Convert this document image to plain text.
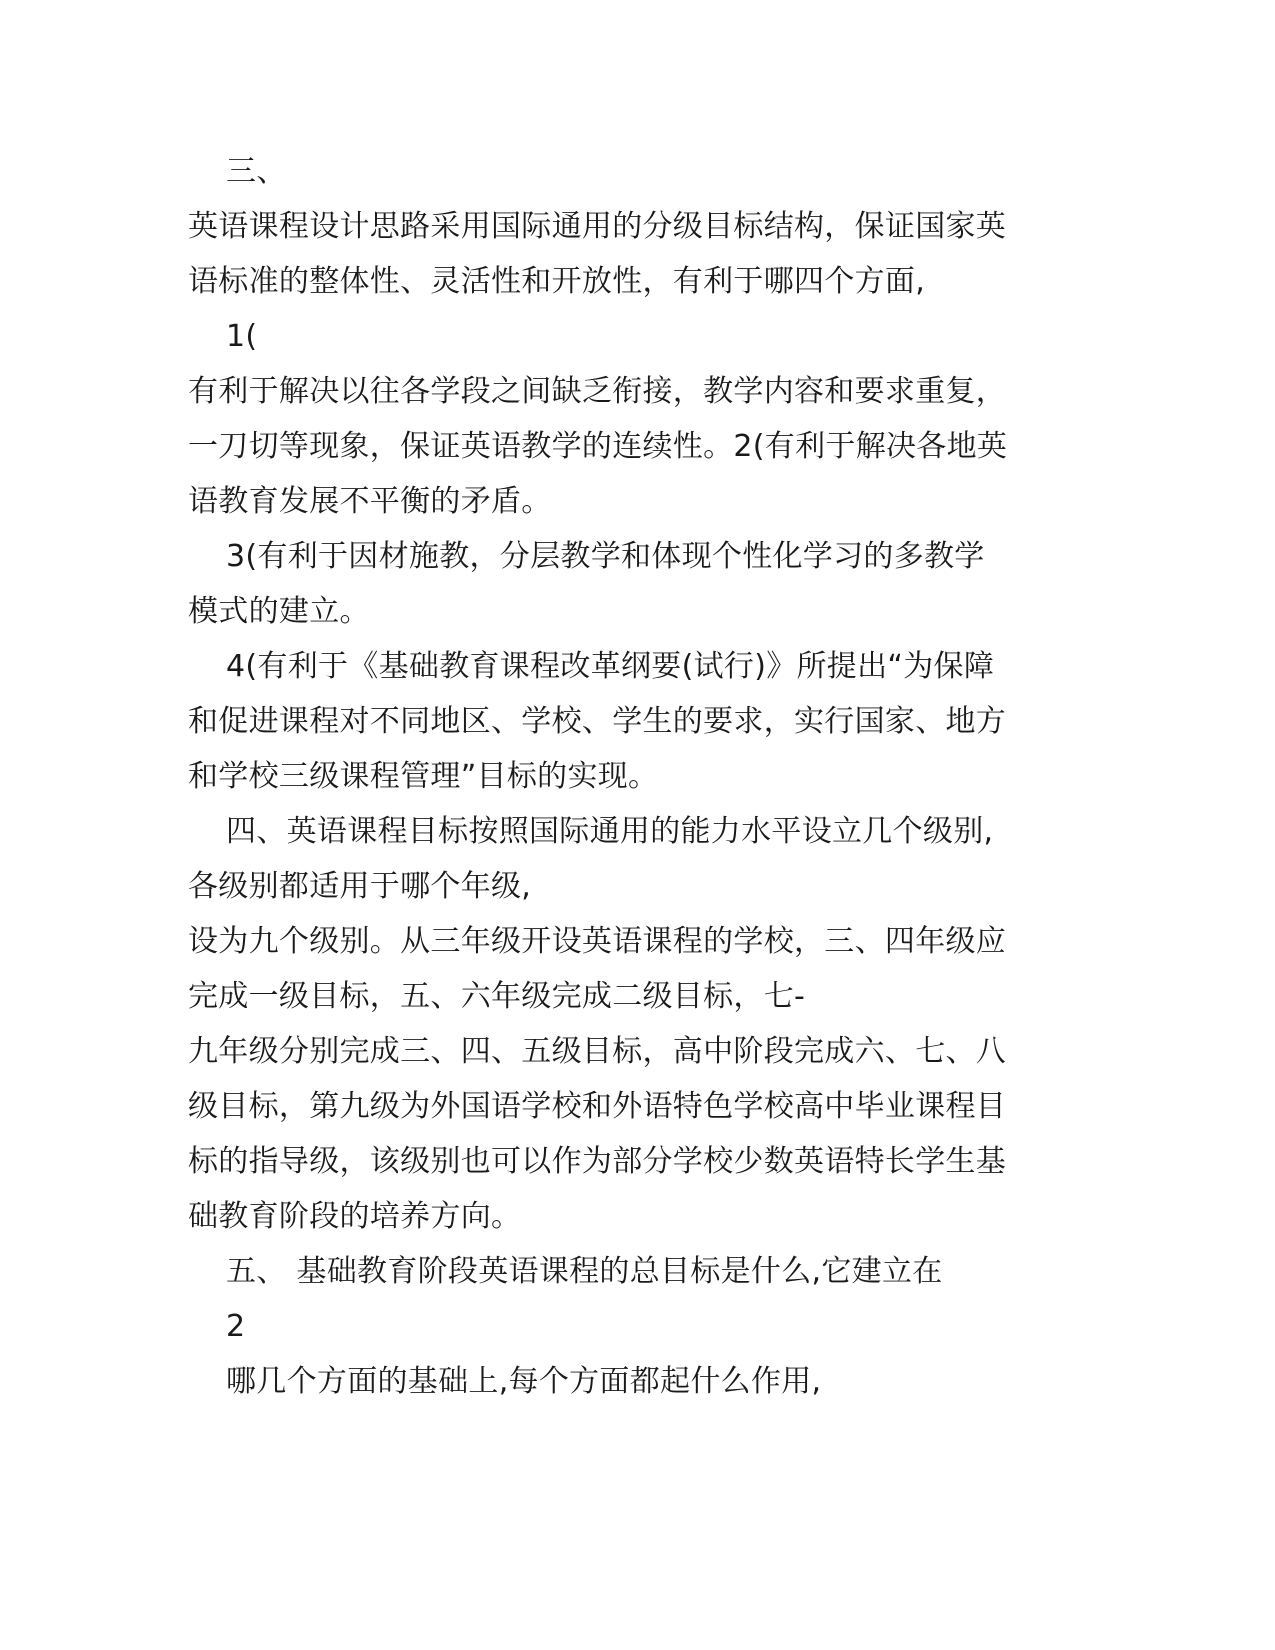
三、
英语课程设计思路采用国际通用的分级目标结构，保证国家英
语标准的整体性、灵活性和开放性，有利于哪四个方面,
1(
有利于解决以往各学段之间缺乏衔接，教学内容和要求重复，
一刀切等现象，保证英语教学的连续性。2(有利于解决各地英
语教育发展不平衡的矛盾。
3(有利于因材施教，分层教学和体现个性化学习的多教学
模式的建立。
4(有利于《基础教育课程改革纲要(试行)》所提出“为保障
和促进课程对不同地区、学校、学生的要求，实行国家、地方
和学校三级课程管理”目标的实现。
四、英语课程目标按照国际通用的能力水平设立几个级别,
各级别都适用于哪个年级,
设为九个级别。从三年级开设英语课程的学校，三、四年级应
完成一级目标，五、六年级完成二级目标，七-
九年级分别完成三、四、五级目标，高中阶段完成六、七、八
级目标，第九级为外国语学校和外语特色学校高中毕业课程目
标的指导级，该级别也可以作为部分学校少数英语特长学生基
础教育阶段的培养方向。
五、 基础教育阶段英语课程的总目标是什么,它建立在
2
哪几个方面的基础上,每个方面都起什么作用,
